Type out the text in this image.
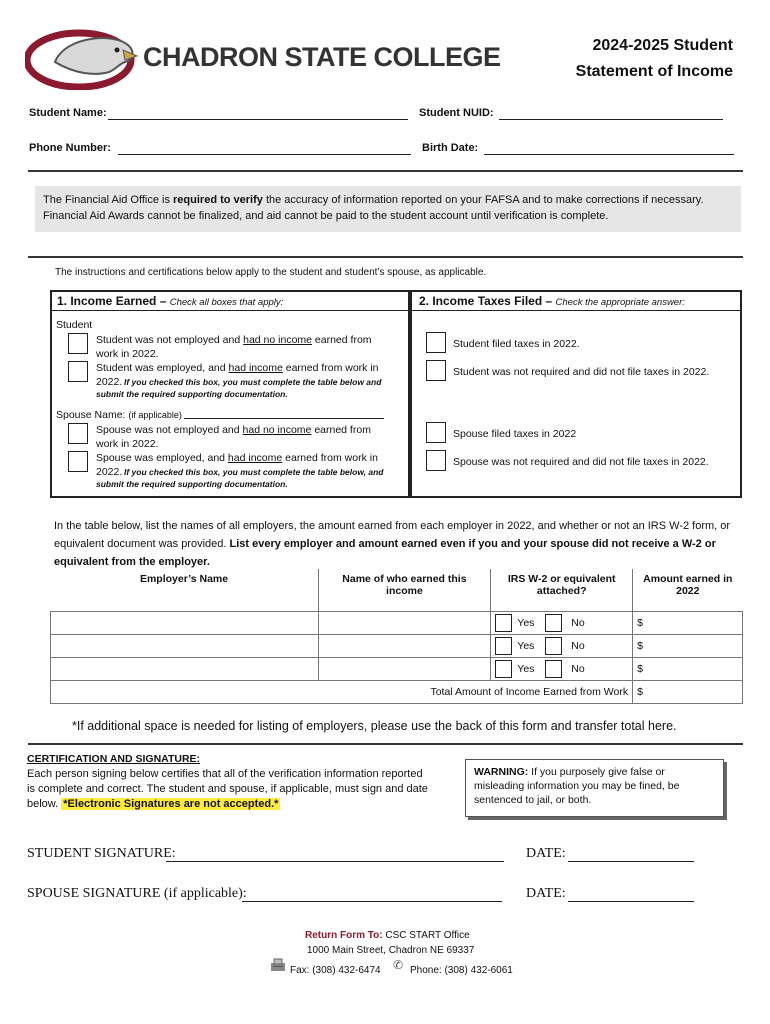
CHADRON STATE COLLEGE	2024-2025 Student
Statement of Income
Student Name:	Student NUID:
Phone Number:	Birth Date:
The Financial Aid Office is required to verify the accuracy of information reported on your FAFSA and to make corrections if necessary. Financial Aid Awards cannot be finalized, and aid cannot be paid to the student account until verification is complete.
The instructions and certifications below apply to the student and student’s spouse, as applicable.
1. Income Earned – Check all boxes that apply:
Student
Student was not employed and had no income earned from work in 2022.
Student was employed, and had income earned from work in 2022. If you checked this box, you must complete the table below and submit the required supporting documentation.
Spouse Name: (if applicable)
Spouse was not employed and had no income earned from work in 2022.
Spouse was employed, and had income earned from work in 2022. If you checked this box, you must complete the table below, and submit the required supporting documentation.
2. Income Taxes Filed – Check the appropriate answer:
Student filed taxes in 2022.
Student was not required and did not file taxes in 2022.
Spouse filed taxes in 2022
Spouse was not required and did not file taxes in 2022.
In the table below, list the names of all employers, the amount earned from each employer in 2022, and whether or not an IRS W-2 form, or equivalent document was provided. List every employer and amount earned even if you and your spouse did not receive a W-2 or equivalent from the employer.
Employer’s Name	Name of who earned this income	IRS W-2 or equivalent attached?	Amount earned in 2022

		Yes No	$

		Yes No	$

		Yes No	$
Total Amount of Income Earned from Work			$
*If additional space is needed for listing of employers, please use the back of this form and transfer total here.
CERTIFICATION AND SIGNATURE:
Each person signing below certifies that all of the verification information reported is complete and correct. The student and spouse, if applicable, must sign and date below. *Electronic Signatures are not accepted.*
WARNING: If you purposely give false or misleading information you may be fined, be sentenced to jail, or both.
STUDENT SIGNATURE:	DATE:
SPOUSE SIGNATURE (if applicable):	DATE:
Return Form To: CSC START Office
1000 Main Street, Chadron NE 69337
Fax: (308) 432-6474 ✆ Phone: (308) 432-6061
